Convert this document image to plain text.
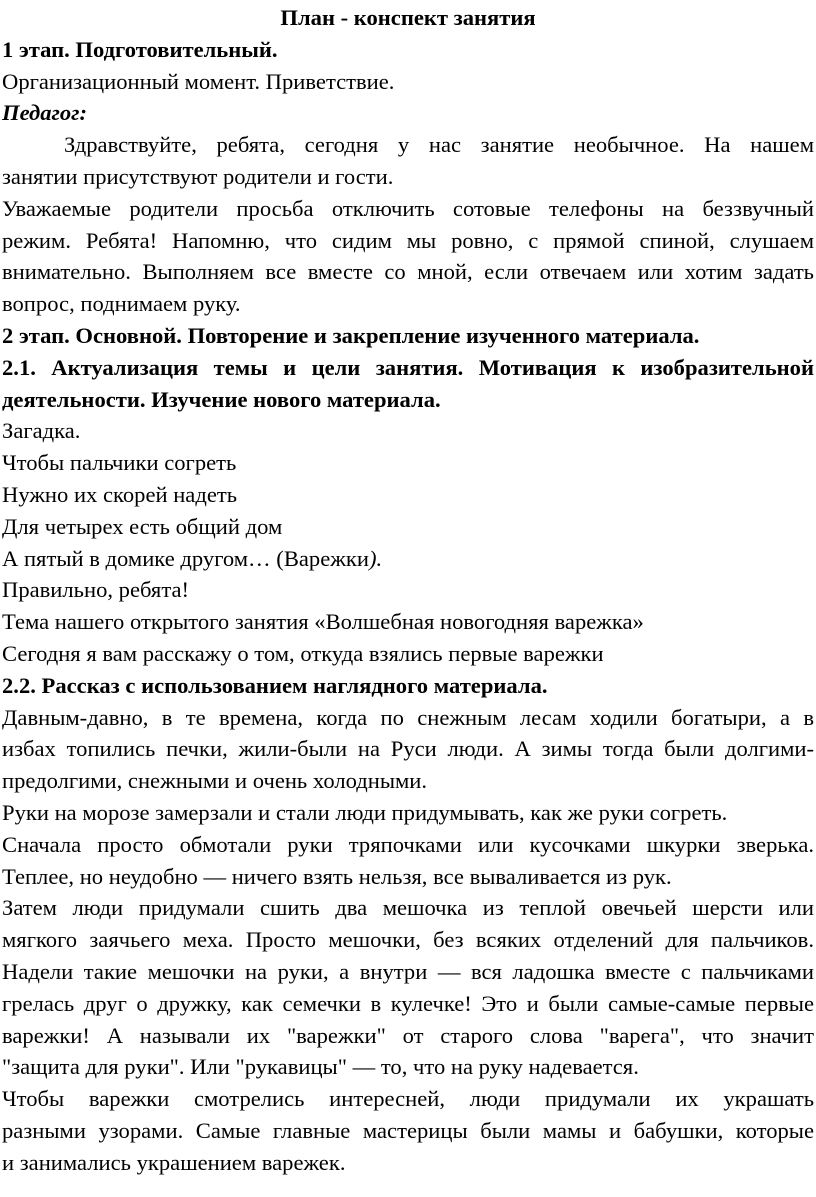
План - конспект занятия
1 этап. Подготовительный.
Организационный момент. Приветствие.
Педагог:
Здравствуйте, ребята, сегодня у нас занятие необычное. На нашем
занятии присутствуют родители и гости.
Уважаемые родители просьба отключить сотовые телефоны на беззвучный
режим. Ребята! Напомню, что сидим мы ровно, с прямой спиной, слушаем
внимательно. Выполняем все вместе со мной, если отвечаем или хотим задать
вопрос, поднимаем руку.
2 этап. Основной. Повторение и закрепление изученного материала.
2.1. Актуализация темы и цели занятия. Мотивация к изобразительной
деятельности. Изучение нового материала.
Загадка.
Чтобы пальчики согреть
Нужно их скорей надеть
Для четырех есть общий дом
А пятый в домике другом… (Варежки).
Правильно, ребята!
Тема нашего открытого занятия «Волшебная новогодняя варежка»
Сегодня я вам расскажу о том, откуда взялись первые варежки
2.2. Рассказ с использованием наглядного материала.
Давным-давно, в те времена, когда по снежным лесам ходили богатыри, а в
избах топились печки, жили-были на Руси люди. А зимы тогда были долгими-
предолгими, снежными и очень холодными.
Руки на морозе замерзали и стали люди придумывать, как же руки согреть.
Сначала просто обмотали руки тряпочками или кусочками шкурки зверька.
Теплее, но неудобно — ничего взять нельзя, все вываливается из рук.
Затем люди придумали сшить два мешочка из теплой овечьей шерсти или
мягкого заячьего меха. Просто мешочки, без всяких отделений для пальчиков.
Надели такие мешочки на руки, а внутри — вся ладошка вместе с пальчиками
грелась друг о дружку, как семечки в кулечке! Это и были самые-самые первые
варежки! А называли их "варежки" от старого слова "варега", что значит
"защита для руки". Или "рукавицы" — то, что на руку надевается.
Чтобы варежки смотрелись интересней, люди придумали их украшать
разными узорами. Самые главные мастерицы были мамы и бабушки, которые
и занимались украшением варежек.
